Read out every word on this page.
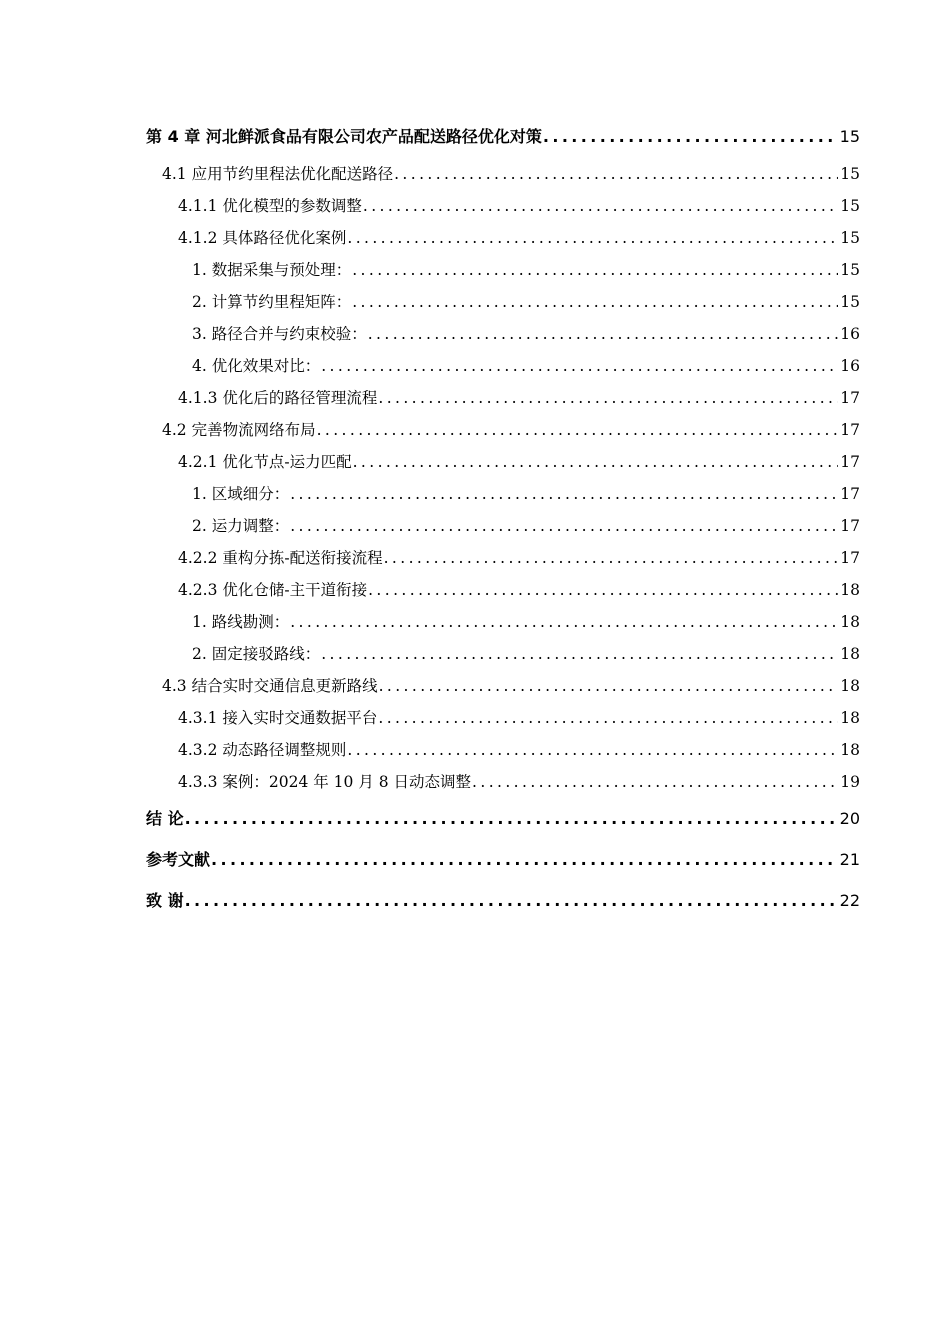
第 4 章 河北鲜派食品有限公司农产品配送路径优化对策 .....	15
4.1 应用节约里程法优化配送路径 .....	15
4.1.1 优化模型的参数调整 .....	15
4.1.2 具体路径优化案例 .....	15
1. 数据采集与预处理： .....	15
2. 计算节约里程矩阵： .....	15
3. 路径合并与约束校验： .....	16
4. 优化效果对比： .....	16
4.1.3 优化后的路径管理流程 .....	17
4.2 完善物流网络布局 .....	17
4.2.1 优化节点-运力匹配 .....	17
1. 区域细分： .....	17
2. 运力调整： .....	17
4.2.2 重构分拣-配送衔接流程 .....	17
4.2.3 优化仓储-主干道衔接 .....	18
1. 路线勘测： .....	18
2. 固定接驳路线： .....	18
4.3 结合实时交通信息更新路线 .....	18
4.3.1 接入实时交通数据平台 .....	18
4.3.2 动态路径调整规则 .....	18
4.3.3 案例：2024 年 10 月 8 日动态调整 .....	19
结 论 .....	20
参考文献 .....	21
致 谢 .....	22
